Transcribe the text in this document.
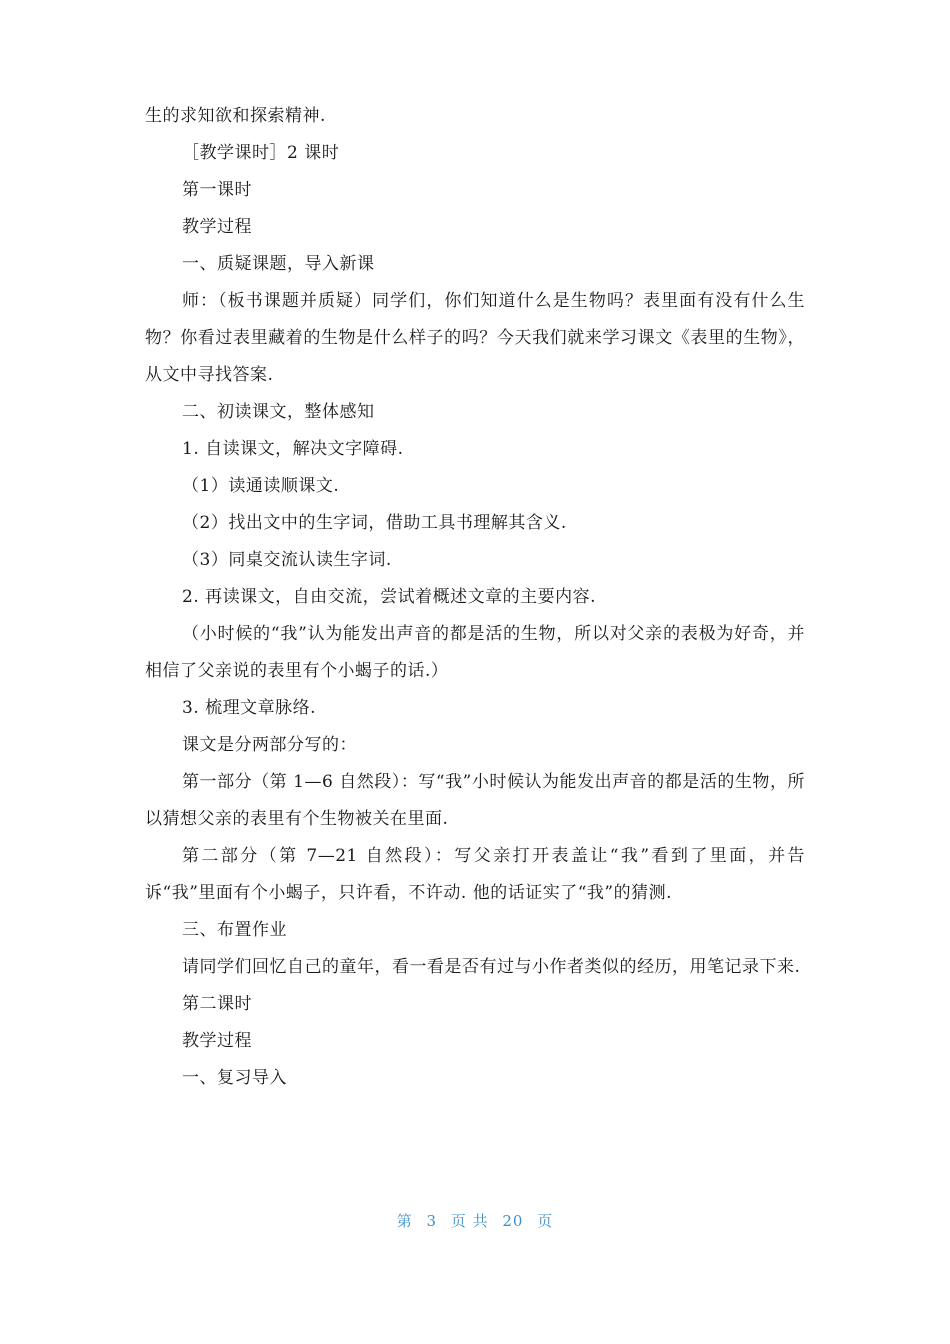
生的求知欲和探索精神.

［教学课时］2 课时

第一课时

教学过程

一、质疑课题，导入新课

师：（板书课题并质疑）同学们，你们知道什么是生物吗？表里面有没有什么生物？你看过表里藏着的生物是什么样子的吗？今天我们就来学习课文《表里的生物》，从文中寻找答案.

二、初读课文，整体感知

1. 自读课文，解决文字障碍.

（1）读通读顺课文.

（2）找出文中的生字词，借助工具书理解其含义.

（3）同桌交流认读生字词.

2. 再读课文，自由交流，尝试着概述文章的主要内容.

（小时候的“我”认为能发出声音的都是活的生物，所以对父亲的表极为好奇，并相信了父亲说的表里有个小蝎子的话.）

3. 梳理文章脉络.

课文是分两部分写的：

第一部分（第 1—6 自然段）：写“我”小时候认为能发出声音的都是活的生物，所以猜想父亲的表里有个生物被关在里面.

第二部分（第 7—21 自然段）：写父亲打开表盖让“我”看到了里面，并告诉“我”里面有个小蝎子，只许看，不许动. 他的话证实了“我”的猜测.

三、布置作业

请同学们回忆自己的童年，看一看是否有过与小作者类似的经历，用笔记录下来.

第二课时

教学过程

一、复习导入

第 3 页 共 20 页
